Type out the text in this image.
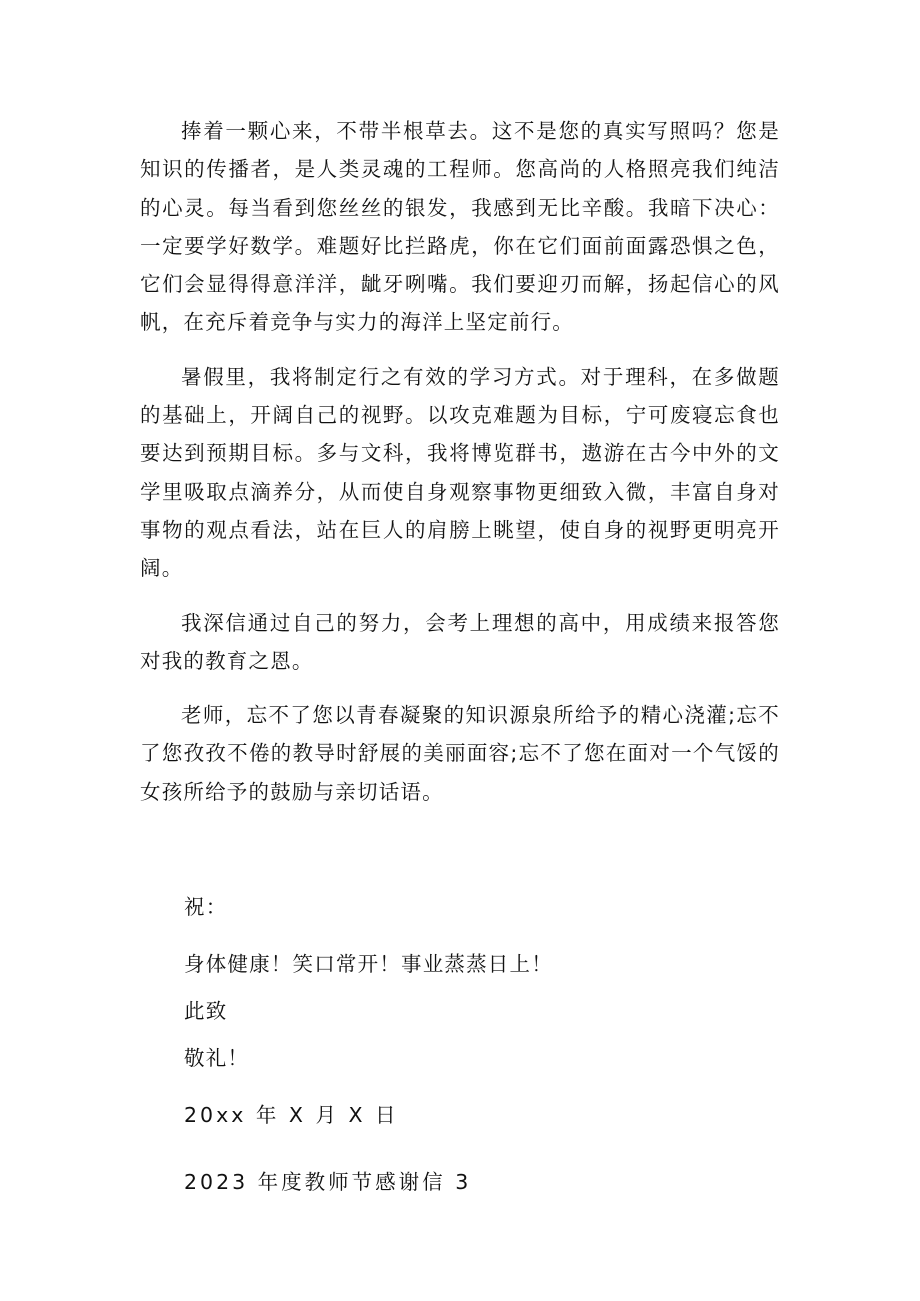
捧着一颗心来，不带半根草去。这不是您的真实写照吗？您是知识的传播者，是人类灵魂的工程师。您高尚的人格照亮我们纯洁的心灵。每当看到您丝丝的银发，我感到无比辛酸。我暗下决心：一定要学好数学。难题好比拦路虎，你在它们面前面露恐惧之色，它们会显得得意洋洋，龇牙咧嘴。我们要迎刃而解，扬起信心的风帆，在充斥着竞争与实力的海洋上坚定前行。

暑假里，我将制定行之有效的学习方式。对于理科，在多做题的基础上，开阔自己的视野。以攻克难题为目标，宁可废寝忘食也要达到预期目标。多与文科，我将博览群书，遨游在古今中外的文学里吸取点滴养分，从而使自身观察事物更细致入微，丰富自身对事物的观点看法，站在巨人的肩膀上眺望，使自身的视野更明亮开阔。

我深信通过自己的努力，会考上理想的高中，用成绩来报答您对我的教育之恩。

老师，忘不了您以青春凝聚的知识源泉所给予的精心浇灌;忘不了您孜孜不倦的教导时舒展的美丽面容;忘不了您在面对一个气馁的女孩所给予的鼓励与亲切话语。

祝：

身体健康！笑口常开！事业蒸蒸日上！

此致

敬礼！

20xx 年 X 月 X 日

2023 年度教师节感谢信 3
